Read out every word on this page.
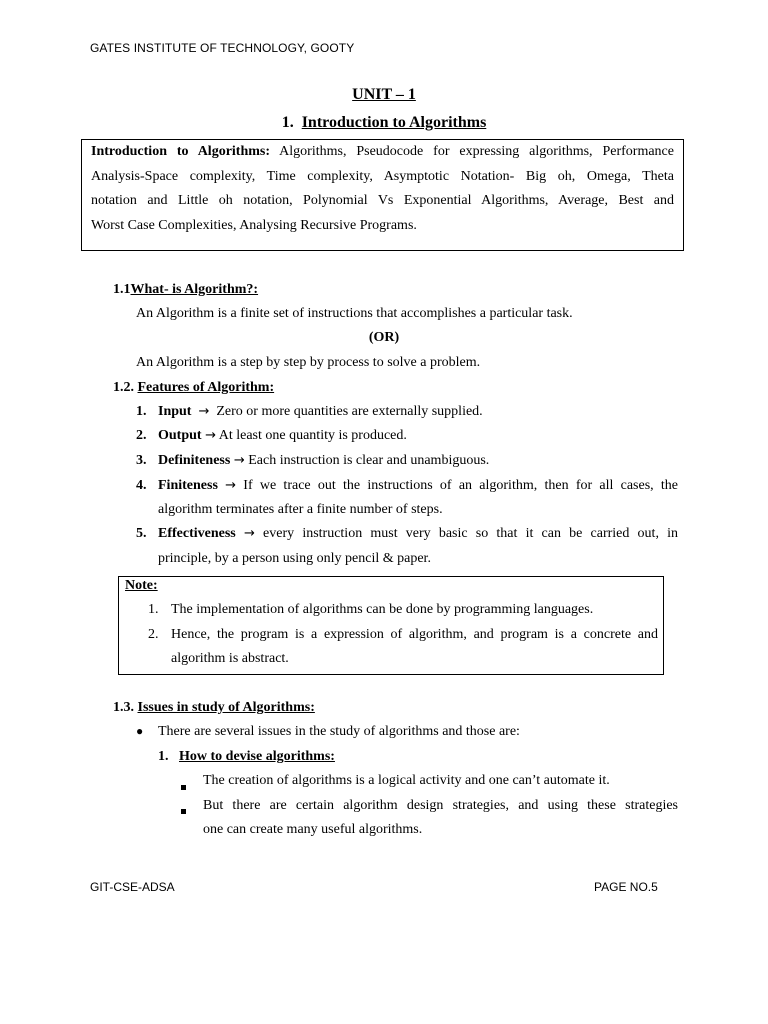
GATES INSTITUTE OF TECHNOLOGY, GOOTY
UNIT – 1
1. Introduction to Algorithms
Introduction to Algorithms: Algorithms, Pseudocode for expressing algorithms, Performance
Analysis-Space complexity, Time complexity, Asymptotic Notation- Big oh, Omega, Theta
notation and Little oh notation, Polynomial Vs Exponential Algorithms, Average, Best and
Worst Case Complexities, Analysing Recursive Programs.
1.1What- is Algorithm?:
An Algorithm is a finite set of instructions that accomplishes a particular task.
(OR)
An Algorithm is a step by step by process to solve a problem.
1.2. Features of Algorithm:
1. Input → Zero or more quantities are externally supplied.
2. Output → At least one quantity is produced.
3. Definiteness → Each instruction is clear and unambiguous.
4. Finiteness → If we trace out the instructions of an algorithm, then for all cases, the
algorithm terminates after a finite number of steps.
5. Effectiveness → every instruction must very basic so that it can be carried out, in
principle, by a person using only pencil & paper.
Note:
1. The implementation of algorithms can be done by programming languages.
2. Hence, the program is a expression of algorithm, and program is a concrete and
algorithm is abstract.
1.3. Issues in study of Algorithms:
● There are several issues in the study of algorithms and those are:
1. How to devise algorithms:
The creation of algorithms is a logical activity and one can’t automate it.
But there are certain algorithm design strategies, and using these strategies
one can create many useful algorithms.
GIT-CSE-ADSA	PAGE NO.5
